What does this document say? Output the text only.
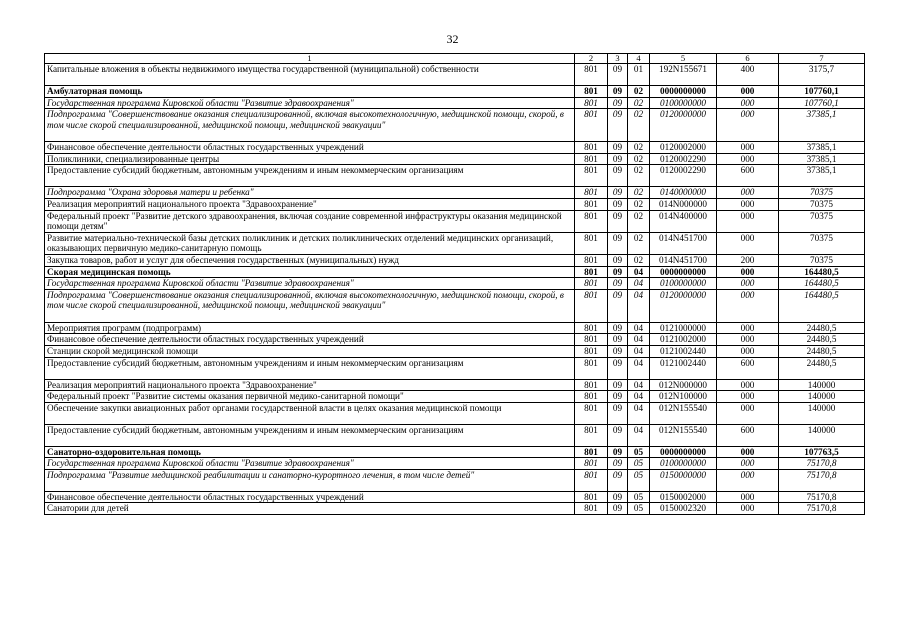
32
1	2	3	4	5	6	7
Капитальные вложения в объекты недвижимого имущества государственной (муниципальной) собственности	801	09	01	192N155671	400	3175,7
Амбулаторная помощь	801	09	02	0000000000	000	107760,1
Государственная программа Кировской области "Развитие здравоохранения"	801	09	02	0100000000	000	107760,1
Подпрограмма "Совершенствование оказания специализированной, включая высокотехнологичную, медицинской помощи, скорой, в том числе скорой специализированной, медицинской помощи, медицинской эвакуации"	801	09	02	0120000000	000	37385,1
Финансовое обеспечение деятельности областных государственных учреждений	801	09	02	0120002000	000	37385,1
Поликлиники, специализированные центры	801	09	02	0120002290	000	37385,1
Предоставление субсидий бюджетным, автономным учреждениям и иным некоммерческим организациям	801	09	02	0120002290	600	37385,1
Подпрограмма "Охрана здоровья матери и ребенка"	801	09	02	0140000000	000	70375
Реализация мероприятий национального проекта "Здравоохранение"	801	09	02	014N000000	000	70375
Федеральный проект "Развитие детского здравоохранения, включая создание современной инфраструктуры оказания медицинской помощи детям"	801	09	02	014N400000	000	70375
Развитие материально-технической базы детских поликлиник и детских поликлинических отделений медицинских организаций, оказывающих первичную медико-санитарную помощь	801	09	02	014N451700	000	70375
Закупка товаров, работ и услуг для обеспечения государственных (муниципальных) нужд	801	09	02	014N451700	200	70375
Скорая медицинская помощь	801	09	04	0000000000	000	164480,5
Государственная программа Кировской области "Развитие здравоохранения"	801	09	04	0100000000	000	164480,5
Подпрограмма "Совершенствование оказания специализированной, включая высокотехнологичную, медицинской помощи, скорой, в том числе скорой специализированной, медицинской помощи, медицинской эвакуации"	801	09	04	0120000000	000	164480,5
Мероприятия программ (подпрограмм)	801	09	04	0121000000	000	24480,5
Финансовое обеспечение деятельности областных государственных учреждений	801	09	04	0121002000	000	24480,5
Станции скорой медицинской помощи	801	09	04	0121002440	000	24480,5
Предоставление субсидий бюджетным, автономным учреждениям и иным некоммерческим организациям	801	09	04	0121002440	600	24480,5
Реализация мероприятий национального проекта "Здравоохранение"	801	09	04	012N000000	000	140000
Федеральный проект "Развитие системы оказания первичной медико-санитарной помощи"	801	09	04	012N100000	000	140000
Обеспечение закупки авиационных работ органами государственной власти в целях оказания медицинской помощи	801	09	04	012N155540	000	140000
Предоставление субсидий бюджетным, автономным учреждениям и иным некоммерческим организациям	801	09	04	012N155540	600	140000
Санаторно-оздоровительная помощь	801	09	05	0000000000	000	107763,5
Государственная программа Кировской области "Развитие здравоохранения"	801	09	05	0100000000	000	75170,8
Подпрограмма "Развитие медицинской реабилитации и санаторно-курортного лечения, в том числе детей"	801	09	05	0150000000	000	75170,8
Финансовое обеспечение деятельности областных государственных учреждений	801	09	05	0150002000	000	75170,8
Санатории для детей	801	09	05	0150002320	000	75170,8
